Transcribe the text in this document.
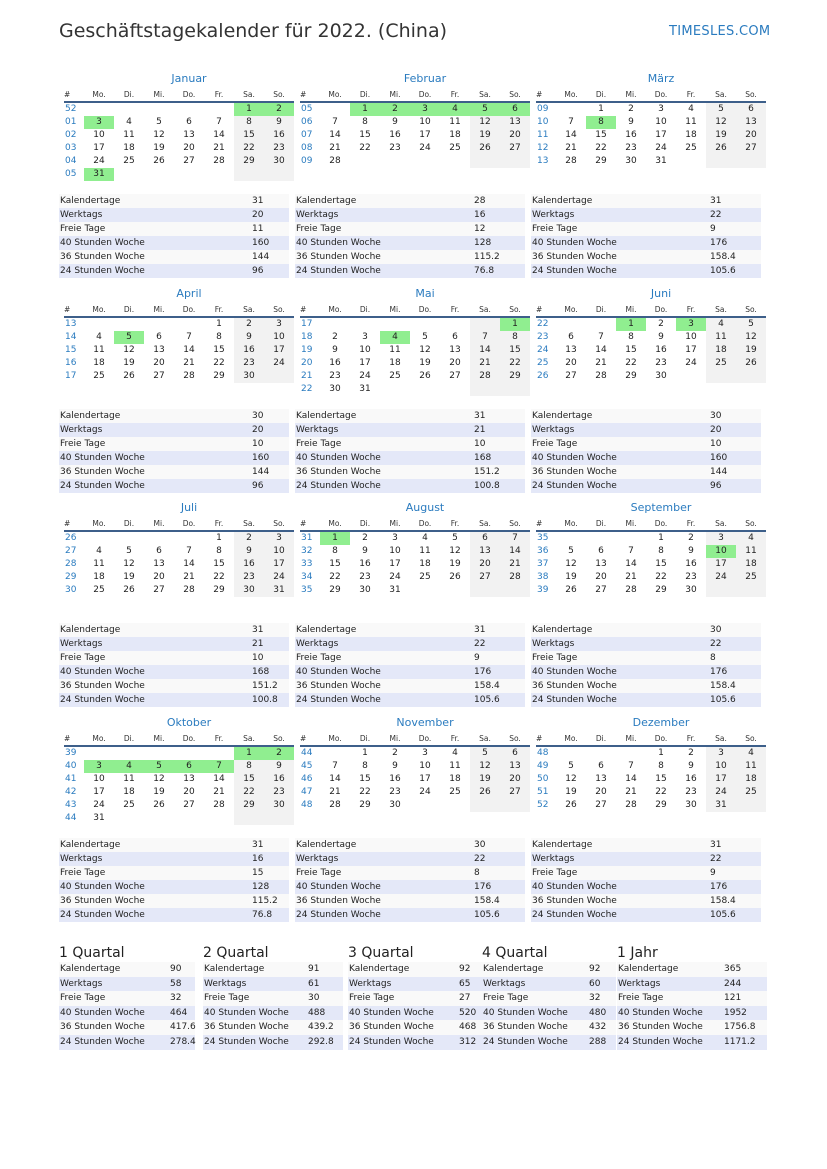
Geschäftstagekalender für 2022. (China)	TIMESLES.COM
Januar
#	Mo.	Di.	Mi.	Do.	Fr.	Sa.	So.
52						1	2
01	3	4	5	6	7	8	9
02	10	11	12	13	14	15	16
03	17	18	19	20	21	22	23
04	24	25	26	27	28	29	30
05	31						
Kalendertage	31
Werktags	20
Freie Tage	11
40 Stunden Woche	160
36 Stunden Woche	144
24 Stunden Woche	96
Februar
#	Mo.	Di.	Mi.	Do.	Fr.	Sa.	So.
05		1	2	3	4	5	6
06	7	8	9	10	11	12	13
07	14	15	16	17	18	19	20
08	21	22	23	24	25	26	27
09	28						
Kalendertage	28
Werktags	16
Freie Tage	12
40 Stunden Woche	128
36 Stunden Woche	115.2
24 Stunden Woche	76.8
März
#	Mo.	Di.	Mi.	Do.	Fr.	Sa.	So.
09		1	2	3	4	5	6
10	7	8	9	10	11	12	13
11	14	15	16	17	18	19	20
12	21	22	23	24	25	26	27
13	28	29	30	31			
Kalendertage	31
Werktags	22
Freie Tage	9
40 Stunden Woche	176
36 Stunden Woche	158.4
24 Stunden Woche	105.6
April
#	Mo.	Di.	Mi.	Do.	Fr.	Sa.	So.
13					1	2	3
14	4	5	6	7	8	9	10
15	11	12	13	14	15	16	17
16	18	19	20	21	22	23	24
17	25	26	27	28	29	30	
Kalendertage	30
Werktags	20
Freie Tage	10
40 Stunden Woche	160
36 Stunden Woche	144
24 Stunden Woche	96
Mai
#	Mo.	Di.	Mi.	Do.	Fr.	Sa.	So.
17							1
18	2	3	4	5	6	7	8
19	9	10	11	12	13	14	15
20	16	17	18	19	20	21	22
21	23	24	25	26	27	28	29
22	30	31					
Kalendertage	31
Werktags	21
Freie Tage	10
40 Stunden Woche	168
36 Stunden Woche	151.2
24 Stunden Woche	100.8
Juni
#	Mo.	Di.	Mi.	Do.	Fr.	Sa.	So.
22			1	2	3	4	5
23	6	7	8	9	10	11	12
24	13	14	15	16	17	18	19
25	20	21	22	23	24	25	26
26	27	28	29	30			
Kalendertage	30
Werktags	20
Freie Tage	10
40 Stunden Woche	160
36 Stunden Woche	144
24 Stunden Woche	96
Juli
#	Mo.	Di.	Mi.	Do.	Fr.	Sa.	So.
26					1	2	3
27	4	5	6	7	8	9	10
28	11	12	13	14	15	16	17
29	18	19	20	21	22	23	24
30	25	26	27	28	29	30	31
Kalendertage	31
Werktags	21
Freie Tage	10
40 Stunden Woche	168
36 Stunden Woche	151.2
24 Stunden Woche	100.8
August
#	Mo.	Di.	Mi.	Do.	Fr.	Sa.	So.
31	1	2	3	4	5	6	7
32	8	9	10	11	12	13	14
33	15	16	17	18	19	20	21
34	22	23	24	25	26	27	28
35	29	30	31				
Kalendertage	31
Werktags	22
Freie Tage	9
40 Stunden Woche	176
36 Stunden Woche	158.4
24 Stunden Woche	105.6
September
#	Mo.	Di.	Mi.	Do.	Fr.	Sa.	So.
35				1	2	3	4
36	5	6	7	8	9	10	11
37	12	13	14	15	16	17	18
38	19	20	21	22	23	24	25
39	26	27	28	29	30		
Kalendertage	30
Werktags	22
Freie Tage	8
40 Stunden Woche	176
36 Stunden Woche	158.4
24 Stunden Woche	105.6
Oktober
#	Mo.	Di.	Mi.	Do.	Fr.	Sa.	So.
39						1	2
40	3	4	5	6	7	8	9
41	10	11	12	13	14	15	16
42	17	18	19	20	21	22	23
43	24	25	26	27	28	29	30
44	31						
Kalendertage	31
Werktags	16
Freie Tage	15
40 Stunden Woche	128
36 Stunden Woche	115.2
24 Stunden Woche	76.8
November
#	Mo.	Di.	Mi.	Do.	Fr.	Sa.	So.
44		1	2	3	4	5	6
45	7	8	9	10	11	12	13
46	14	15	16	17	18	19	20
47	21	22	23	24	25	26	27
48	28	29	30				
Kalendertage	30
Werktags	22
Freie Tage	8
40 Stunden Woche	176
36 Stunden Woche	158.4
24 Stunden Woche	105.6
Dezember
#	Mo.	Di.	Mi.	Do.	Fr.	Sa.	So.
48				1	2	3	4
49	5	6	7	8	9	10	11
50	12	13	14	15	16	17	18
51	19	20	21	22	23	24	25
52	26	27	28	29	30	31	
Kalendertage	31
Werktags	22
Freie Tage	9
40 Stunden Woche	176
36 Stunden Woche	158.4
24 Stunden Woche	105.6
1 Quartal
Kalendertage	90
Werktags	58
Freie Tage	32
40 Stunden Woche	464
36 Stunden Woche	417.6
24 Stunden Woche	278.4
2 Quartal
Kalendertage	91
Werktags	61
Freie Tage	30
40 Stunden Woche	488
36 Stunden Woche	439.2
24 Stunden Woche	292.8
3 Quartal
Kalendertage	92
Werktags	65
Freie Tage	27
40 Stunden Woche	520
36 Stunden Woche	468
24 Stunden Woche	312
4 Quartal
Kalendertage	92
Werktags	60
Freie Tage	32
40 Stunden Woche	480
36 Stunden Woche	432
24 Stunden Woche	288
1 Jahr
Kalendertage	365
Werktags	244
Freie Tage	121
40 Stunden Woche	1952
36 Stunden Woche	1756.8
24 Stunden Woche	1171.2
